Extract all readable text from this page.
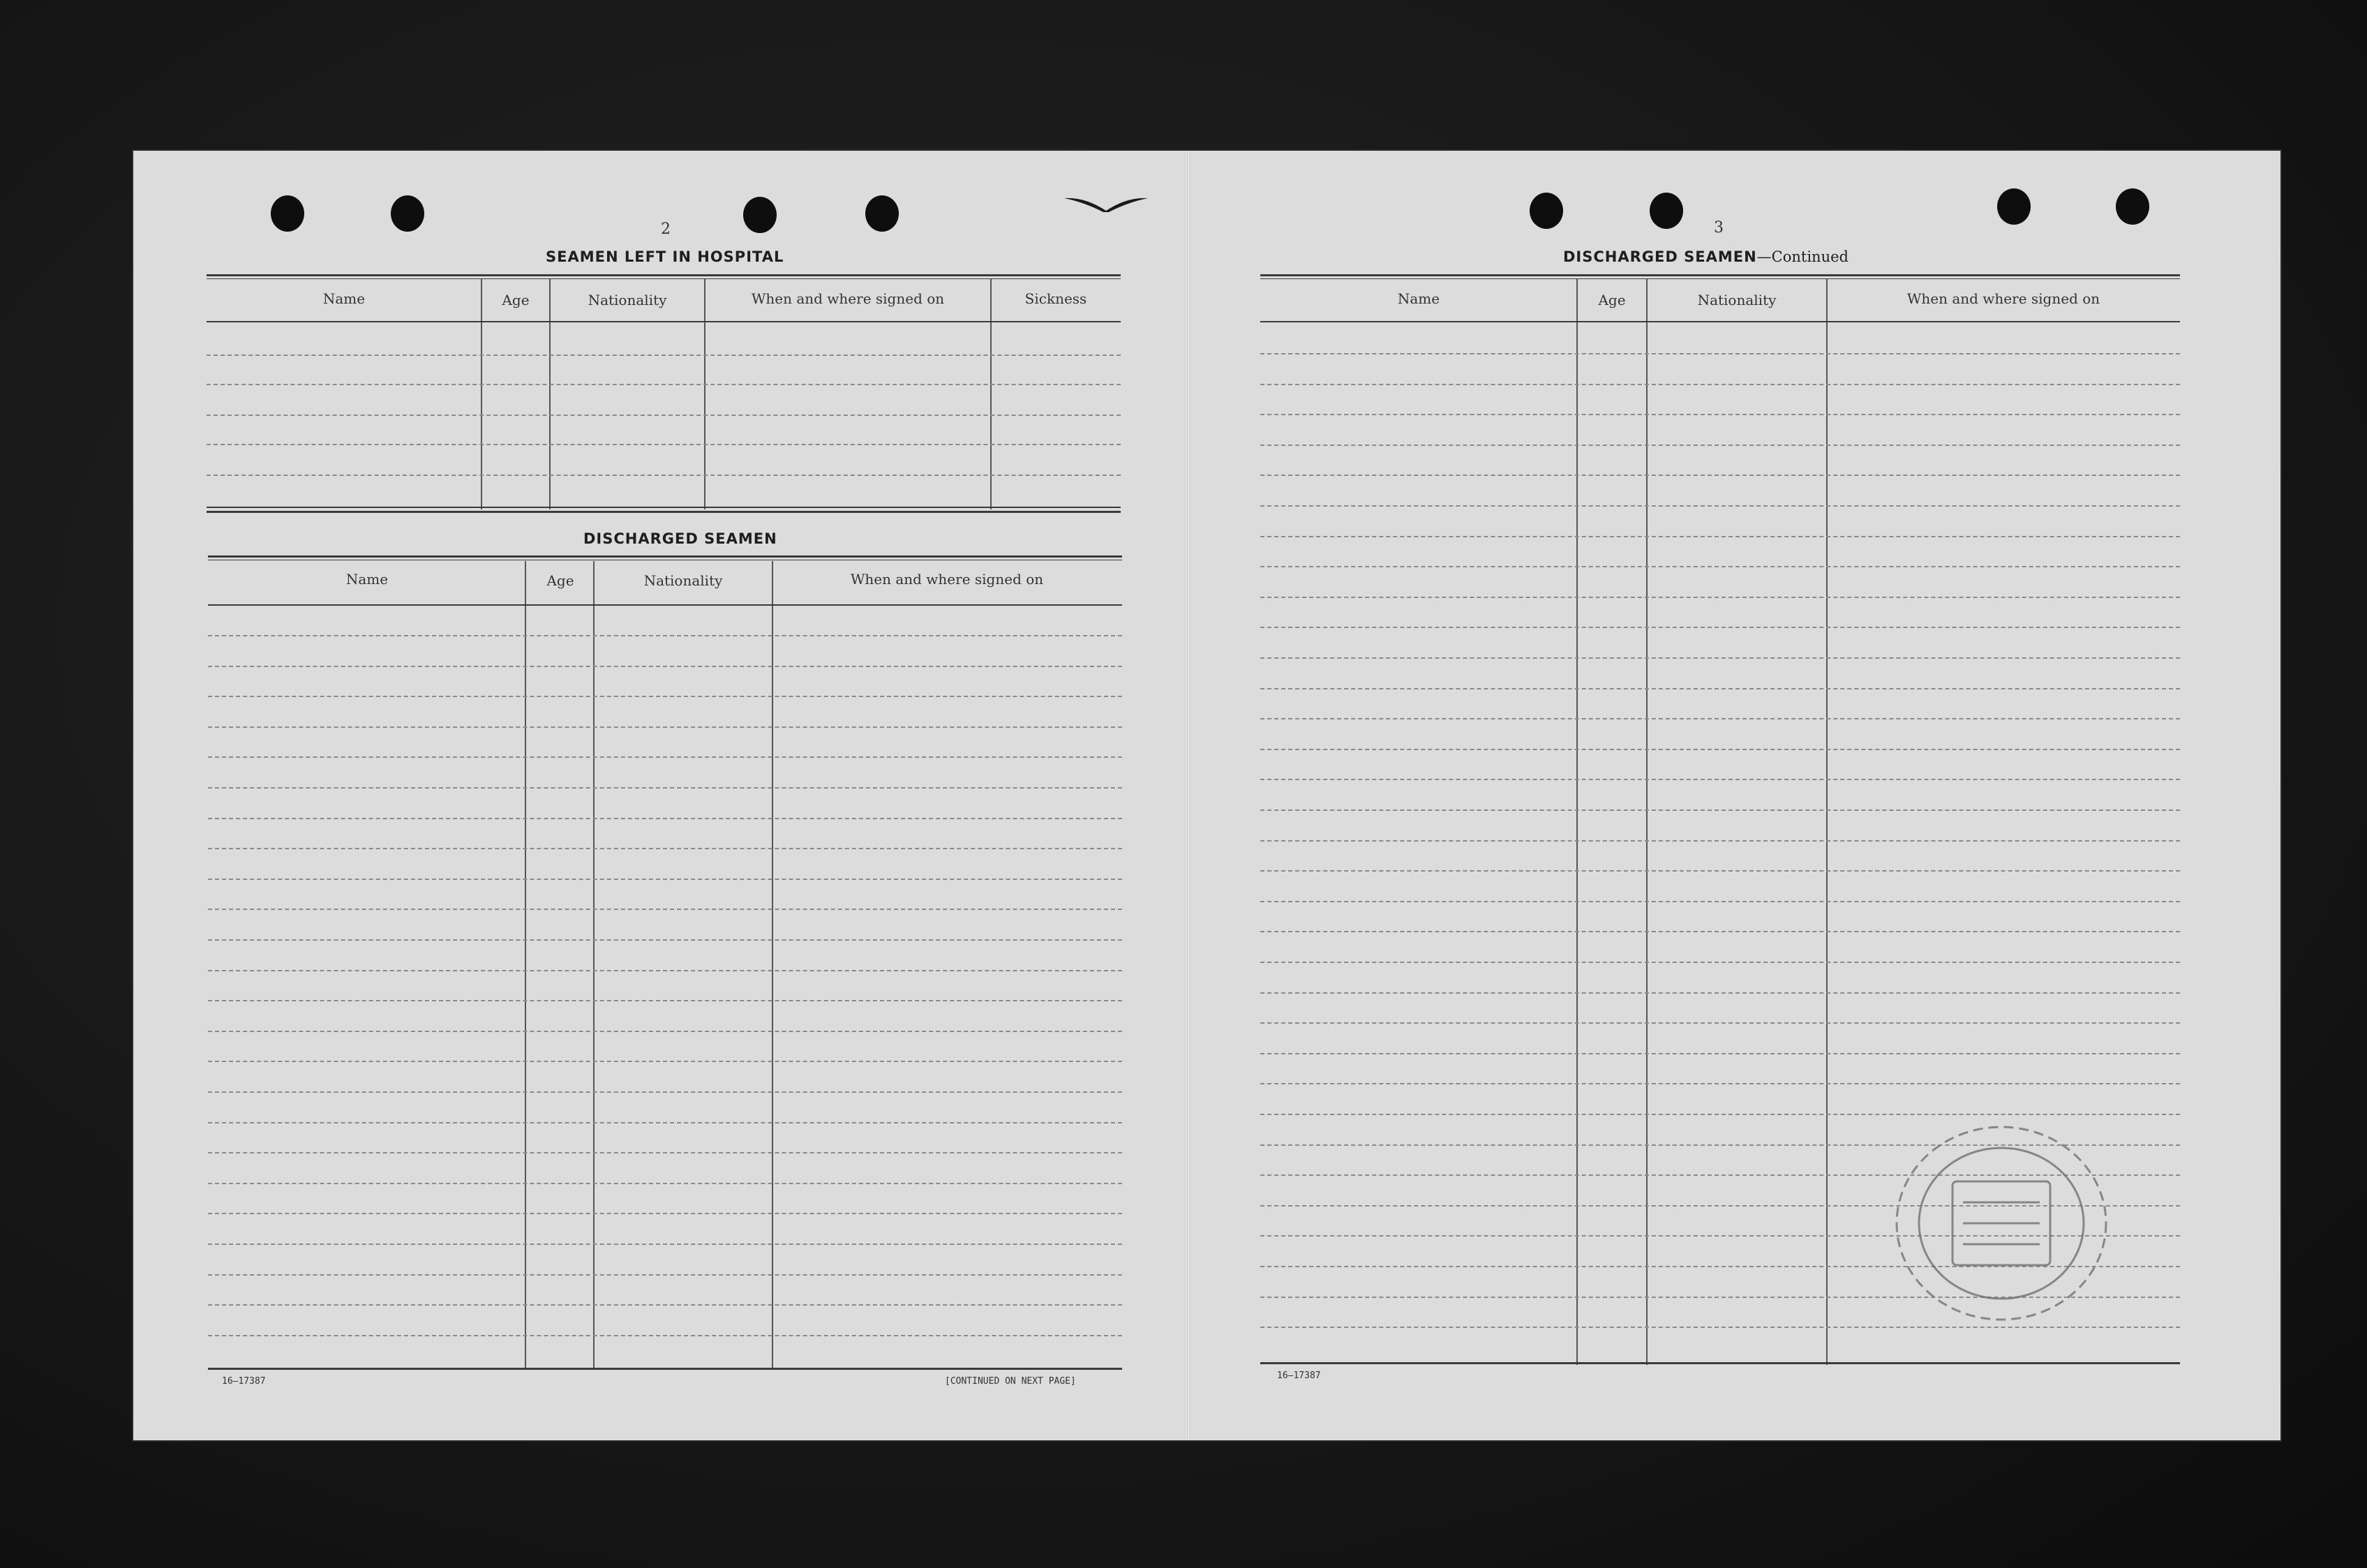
2
SEAMEN LEFT IN HOSPITAL
Name	Age	Nationality	When and where signed on	Sickness
DISCHARGED SEAMEN
Name	Age	Nationality	When and where signed on
16—17387	[CONTINUED ON NEXT PAGE]
3
DISCHARGED SEAMEN—Continued
Name	Age	Nationality	When and where signed on
16—17387
